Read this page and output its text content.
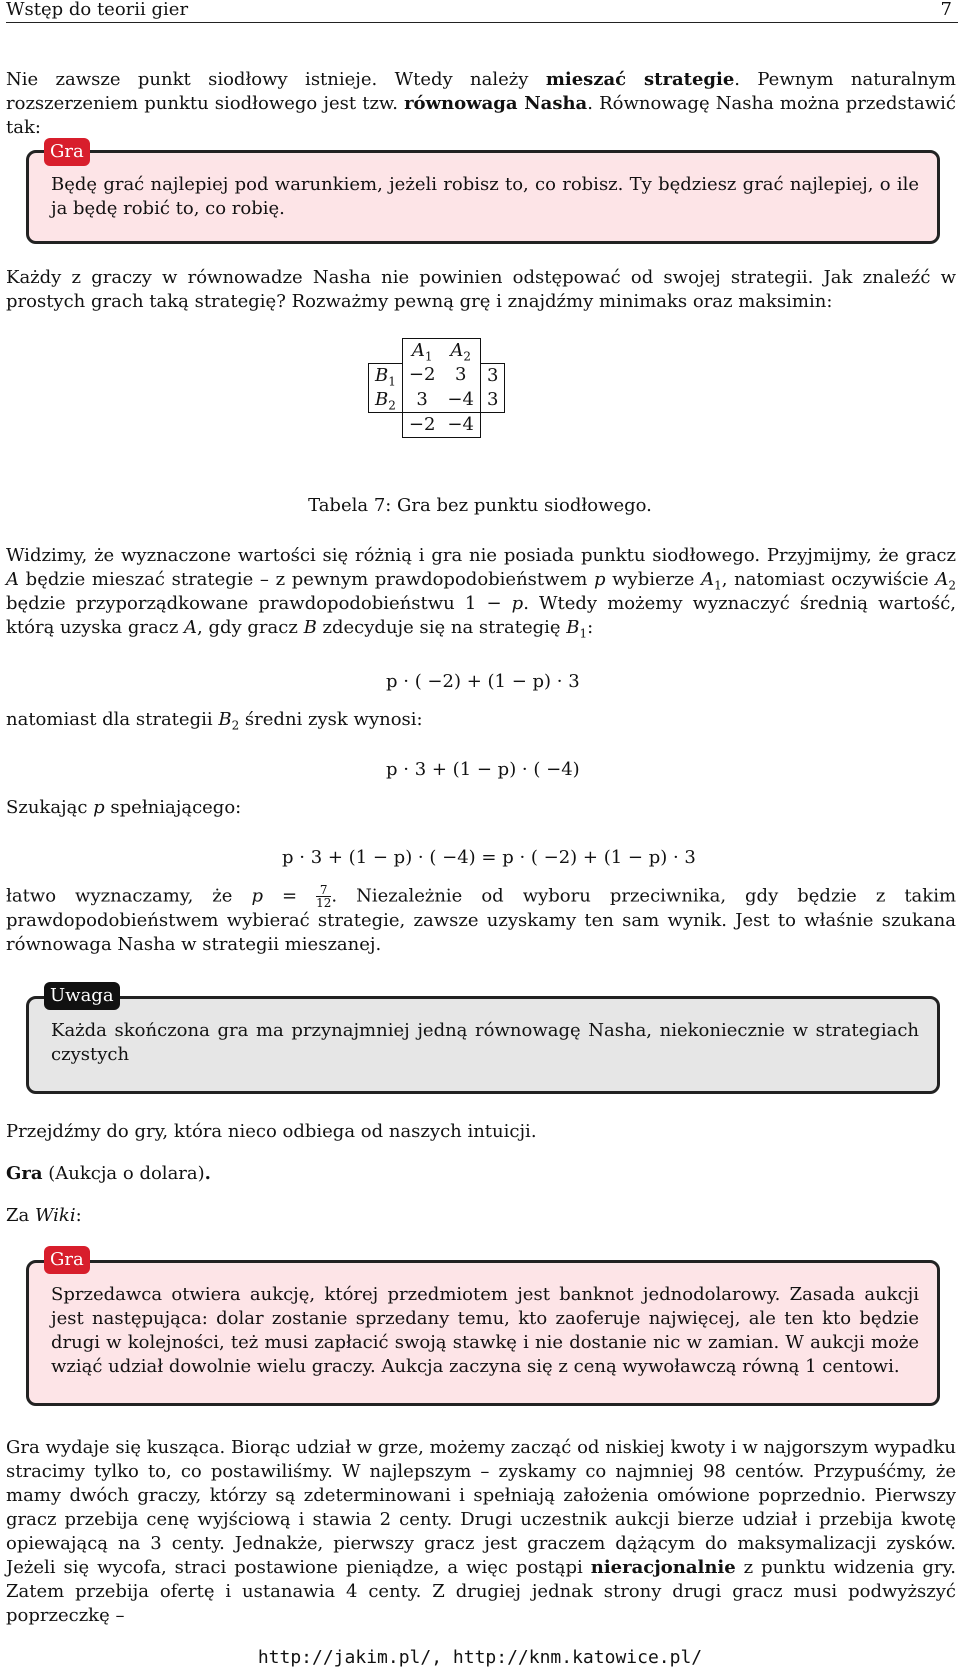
Wstęp do teorii gier	7
Nie zawsze punkt siodłowy istnieje. Wtedy należy mieszać strategie. Pewnym naturalnym rozszerzeniem punktu siodłowego jest tzw. równowaga Nasha. Równowagę Nasha można przedstawić tak:
Będę grać najlepiej pod warunkiem, jeżeli robisz to, co robisz. Ty będziesz grać najlepiej, o ile ja będę robić to, co robię.
Gra
Każdy z graczy w równowadze Nasha nie powinien odstępować od swojej strategii. Jak znaleźć w prostych grach taką strategię? Rozważmy pewną grę i znajdźmy minimaks oraz maksimin:
	$A_1$	$A_2$	
$B_1$	−2	3	3
$B_2$	3	−4	3
	−2	−4	
Tabela 7: Gra bez punktu siodłowego.
Widzimy, że wyznaczone wartości się różnią i gra nie posiada punktu siodłowego. Przyjmijmy, że gracz A będzie mieszać strategie – z pewnym prawdopodobieństwem p wybierze $A_1$, natomiast oczywiście $A_2$ będzie przyporządkowane prawdopodobieństwu 1 − p. Wtedy możemy wyznaczyć średnią wartość, którą uzyska gracz A, gdy gracz B zdecyduje się na strategię $B_1$:
p · ( −2) + (1 − p) · 3
natomiast dla strategii $B_2$ średni zysk wynosi:
p · 3 + (1 − p) · ( −4)
Szukając p spełniającego:
p · 3 + (1 − p) · ( −4) = p · ( −2) + (1 − p) · 3
łatwo wyznaczamy, że $p = \frac{7}{12}$ . Niezależnie od wyboru przeciwnika, gdy będzie z takim prawdopodobieństwem wybierać strategie, zawsze uzyskamy ten sam wynik. Jest to właśnie szukana równowaga Nasha w strategii mieszanej.
Każda skończona gra ma przynajmniej jedną równowagę Nasha, niekoniecznie w strategiach czystych
Uwaga
Przejdźmy do gry, która nieco odbiega od naszych intuicji.
Gra (Aukcja o dolara).
Za Wiki:
Sprzedawca otwiera aukcję, której przedmiotem jest banknot jednodolarowy. Zasada aukcji jest następująca: dolar zostanie sprzedany temu, kto zaoferuje najwięcej, ale ten kto będzie drugi w kolejności, też musi zapłacić swoją stawkę i nie dostanie nic w zamian. W aukcji może wziąć udział dowolnie wielu graczy. Aukcja zaczyna się z ceną wywoławczą równą 1 centowi.
Gra
Gra wydaje się kusząca. Biorąc udział w grze, możemy zacząć od niskiej kwoty i w najgorszym wypadku stracimy tylko to, co postawiliśmy. W najlepszym – zyskamy co najmniej 98 centów. Przypuśćmy, że mamy dwóch graczy, którzy są zdeterminowani i spełniają założenia omówione poprzednio. Pierwszy gracz przebija cenę wyjściową i stawia 2 centy. Drugi uczestnik aukcji bierze udział i przebija kwotę opiewającą na 3 centy. Jednakże, pierwszy gracz jest graczem dążącym do maksymalizacji zysków. Jeżeli się wycofa, straci postawione pieniądze, a więc postąpi nieracjonalnie z punktu widzenia gry. Zatem przebija ofertę i ustanawia 4 centy. Z drugiej jednak strony drugi gracz musi podwyższyć poprzeczkę –
http://jakim.pl/, http://knm.katowice.pl/
